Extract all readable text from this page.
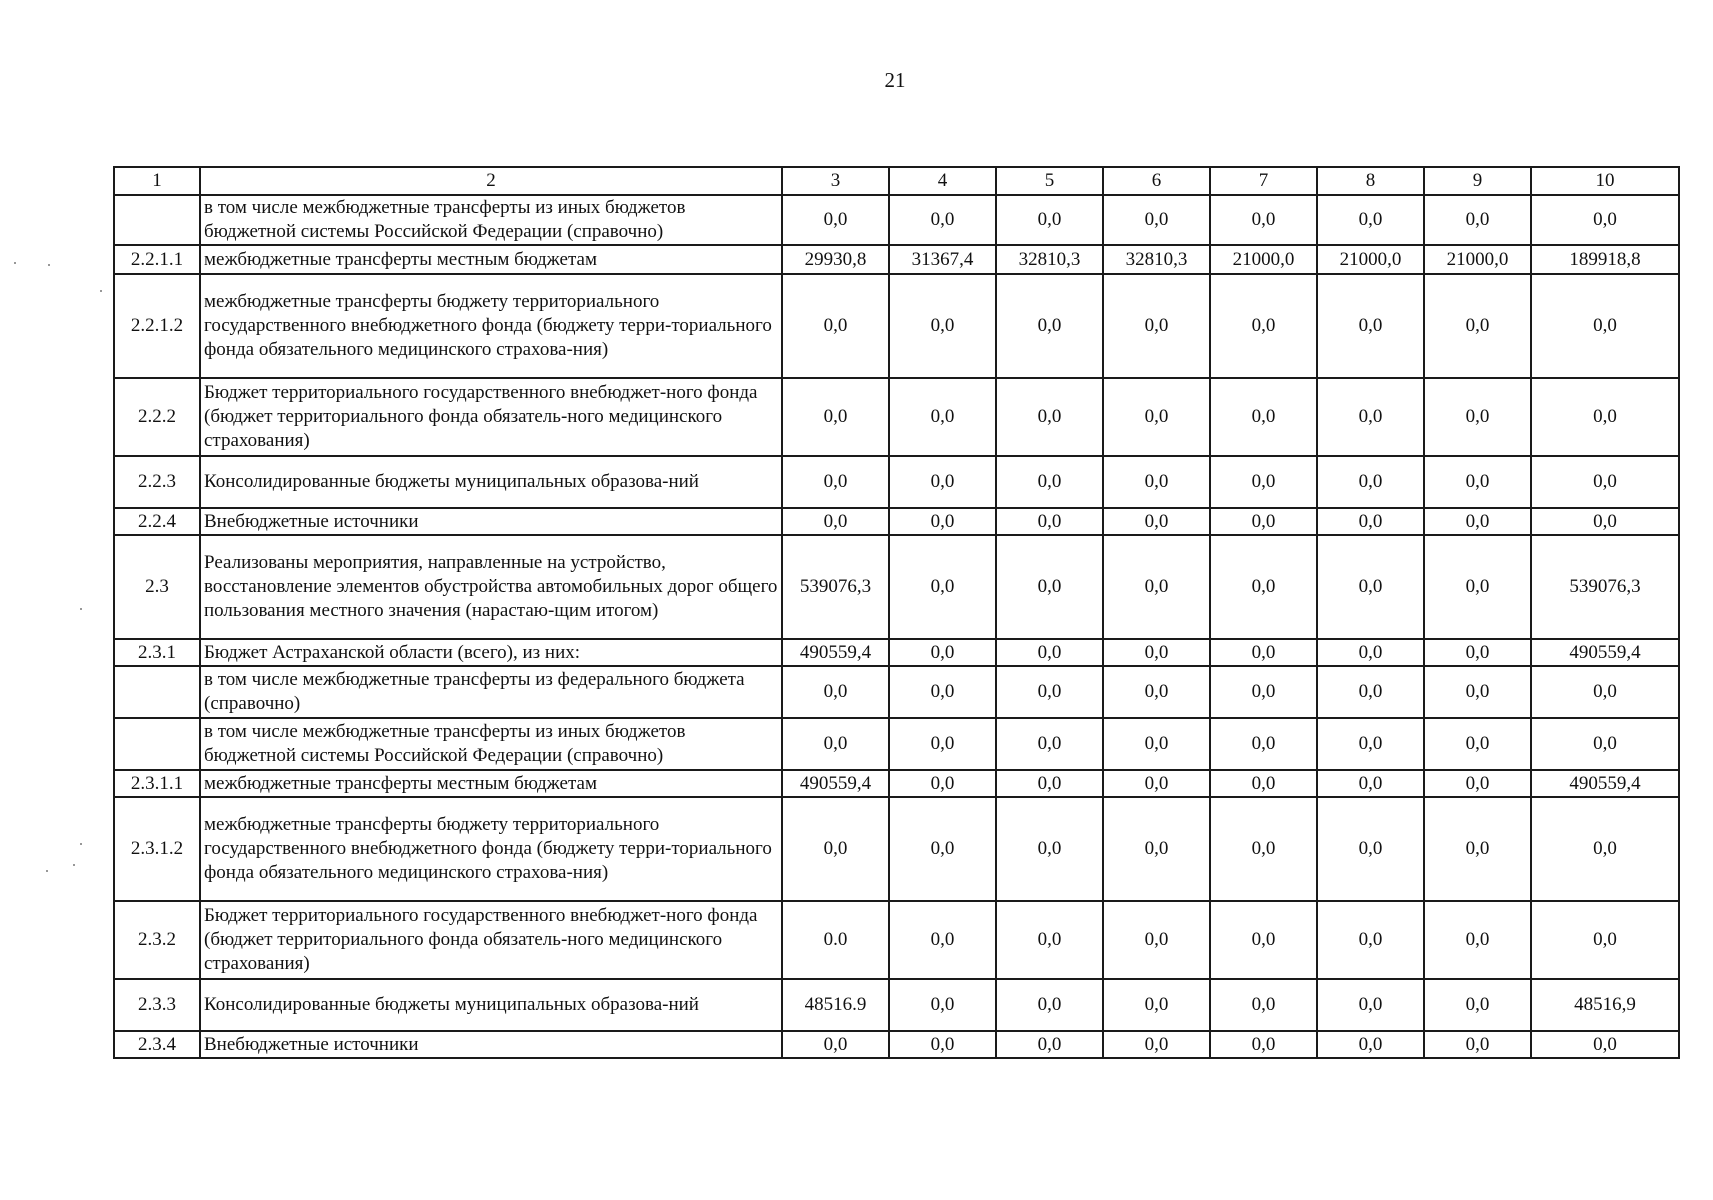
21
1	2	3	4	5	6	7	8	9	10
	в том числе межбюджетные трансферты из иных бюджетов бюджетной системы Российской Федерации (справочно)	0,0	0,0	0,0	0,0	0,0	0,0	0,0	0,0
2.2.1.1	межбюджетные трансферты местным бюджетам	29930,8	31367,4	32810,3	32810,3	21000,0	21000,0	21000,0	189918,8
2.2.1.2	межбюджетные трансферты бюджету территориального государственного внебюджетного фонда (бюджету терри-ториального фонда обязательного медицинского страхова-ния)	0,0	0,0	0,0	0,0	0,0	0,0	0,0	0,0
2.2.2	Бюджет территориального государственного внебюджет-ного фонда (бюджет территориального фонда обязатель-ного медицинского страхования)	0,0	0,0	0,0	0,0	0,0	0,0	0,0	0,0
2.2.3	Консолидированные бюджеты муниципальных образова-ний	0,0	0,0	0,0	0,0	0,0	0,0	0,0	0,0
2.2.4	Внебюджетные источники	0,0	0,0	0,0	0,0	0,0	0,0	0,0	0,0
2.3	Реализованы мероприятия, направленные на устройство, восстановление элементов обустройства автомобильных дорог общего пользования местного значения (нарастаю-щим итогом)	539076,3	0,0	0,0	0,0	0,0	0,0	0,0	539076,3
2.3.1	Бюджет Астраханской области (всего), из них:	490559,4	0,0	0,0	0,0	0,0	0,0	0,0	490559,4
	в том числе межбюджетные трансферты из федерального бюджета (справочно)	0,0	0,0	0,0	0,0	0,0	0,0	0,0	0,0
	в том числе межбюджетные трансферты из иных бюджетов бюджетной системы Российской Федерации (справочно)	0,0	0,0	0,0	0,0	0,0	0,0	0,0	0,0
2.3.1.1	межбюджетные трансферты местным бюджетам	490559,4	0,0	0,0	0,0	0,0	0,0	0,0	490559,4
2.3.1.2	межбюджетные трансферты бюджету территориального государственного внебюджетного фонда (бюджету терри-ториального фонда обязательного медицинского страхова-ния)	0,0	0,0	0,0	0,0	0,0	0,0	0,0	0,0
2.3.2	Бюджет территориального государственного внебюджет-ного фонда (бюджет территориального фонда обязатель-ного медицинского страхования)	0.0	0,0	0,0	0,0	0,0	0,0	0,0	0,0
2.3.3	Консолидированные бюджеты муниципальных образова-ний	48516.9	0,0	0,0	0,0	0,0	0,0	0,0	48516,9
2.3.4	Внебюджетные источники	0,0	0,0	0,0	0,0	0,0	0,0	0,0	0,0
